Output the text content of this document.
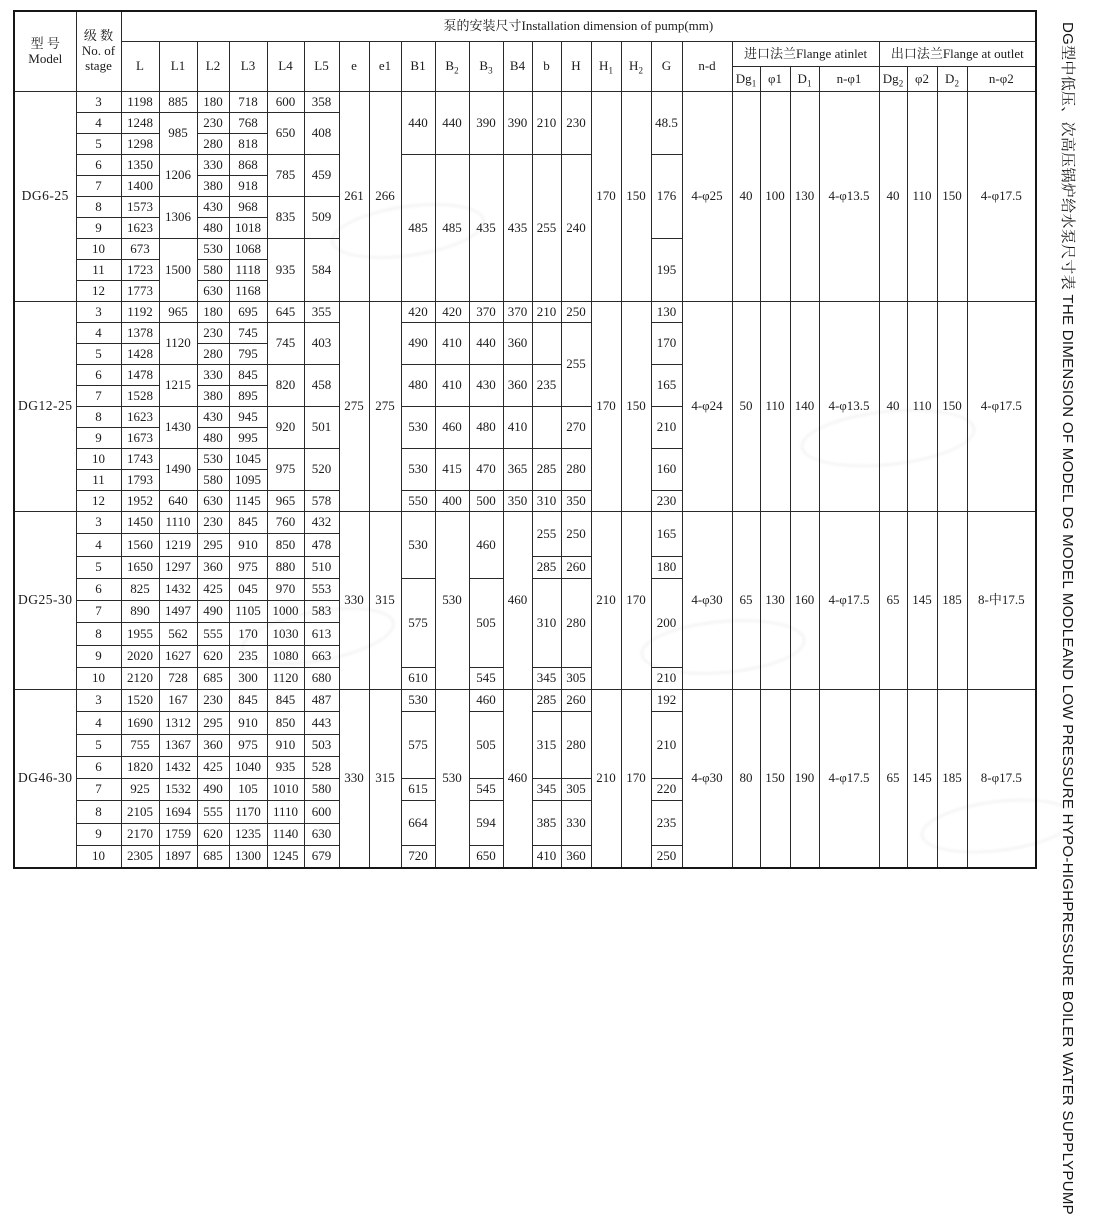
型 号
Model

级 数
No. of
stage
	泵的安装尺寸Installation dimension of pump(mm)
		L	L1	L2	L3	L4	L5	e	e1	B1	$B_2$	$B_3$	B4	b	H	$H_1$	$H_2$	G	n-d	进口法兰Flange atinlet				出口法兰Flange at outlet			
																				$Dg_1$	φ1	$D_1$	n-φ1	$Dg_2$	φ2	$D_2$	n-φ2
DG6-25	3	1198	885	180	718	600	358	261	266	440	440	390	390	210	230	170	150	48.5	4-φ25	40	100	130	4-φ13.5	40	110	150	4-φ17.5
	4	1248	985	230	768	650	408																				
	5	1298		280	818																						
	6	1350	1206	330	868	785	459			485	485	435	435	255	240			176									
	7	1400		380	918																						
	8	1573	1306	430	968	835	509																				
	9	1623		480	1018																						
	10	673	1500	530	1068	935	584											195									
	11	1723		580	1118																						
	12	1773		630	1168																						
DG12-25	3	1192	965	180	695	645	355	275	275	420	420	370	370	210	250	170	150	130	4-φ24	50	110	140	4-φ13.5	40	110	150	4-φ17.5
	4	1378	1120	230	745	745	403			490	410	440	360		255			170									
	5	1428		280	795																						
	6	1478	1215	330	845	820	458			480	410	430	360	235				165									
	7	1528		380	895																						
	8	1623	1430	430	945	920	501			530	460	480	410		270			210									
	9	1673		480	995																						
	10	1743	1490	530	1045	975	520			530	415	470	365	285	280			160									
	11	1793		580	1095																						
	12	1952	640	630	1145	965	578			550	400	500	350	310	350			230									
DG25-30	3	1450	1110	230	845	760	432	330	315	530	530	460	460	255	250	210	170	165	4-φ30	65	130	160	4-φ17.5	65	145	185	8-中17.5
	4	1560	1219	295	910	850	478																				
	5	1650	1297	360	975	880	510							285	260			180									
	6	825	1432	425	045	970	553			575		505		310	280			200									
	7	890	1497	490	1105	1000	583																				
	8	1955	562	555	170	1030	613																				
	9	2020	1627	620	235	1080	663																				
	10	2120	728	685	300	1120	680			610		545		345	305			210									
DG46-30	3	1520	167	230	845	845	487	330	315	530	530	460	460	285	260	210	170	192	4-φ30	80	150	190	4-φ17.5	65	145	185	8-φ17.5
	4	1690	1312	295	910	850	443			575		505		315	280			210									
	5	755	1367	360	975	910	503																				
	6	1820	1432	425	1040	935	528																				
	7	925	1532	490	105	1010	580			615		545		345	305			220									
	8	2105	1694	555	1170	1110	600			664		594		385	330			235									
	9	2170	1759	620	1235	1140	630																				
	10	2305	1897	685	1300	1245	679			720		650		410	360			250										DG型中低压、次高压锅炉给水泵尺寸表 THE DIMENSION OF MODEL DG MODEL MODLEAND LOW PRESSURE HYPO-HIGHPRESSURE BOILER WATER SUPPLYPUMP
